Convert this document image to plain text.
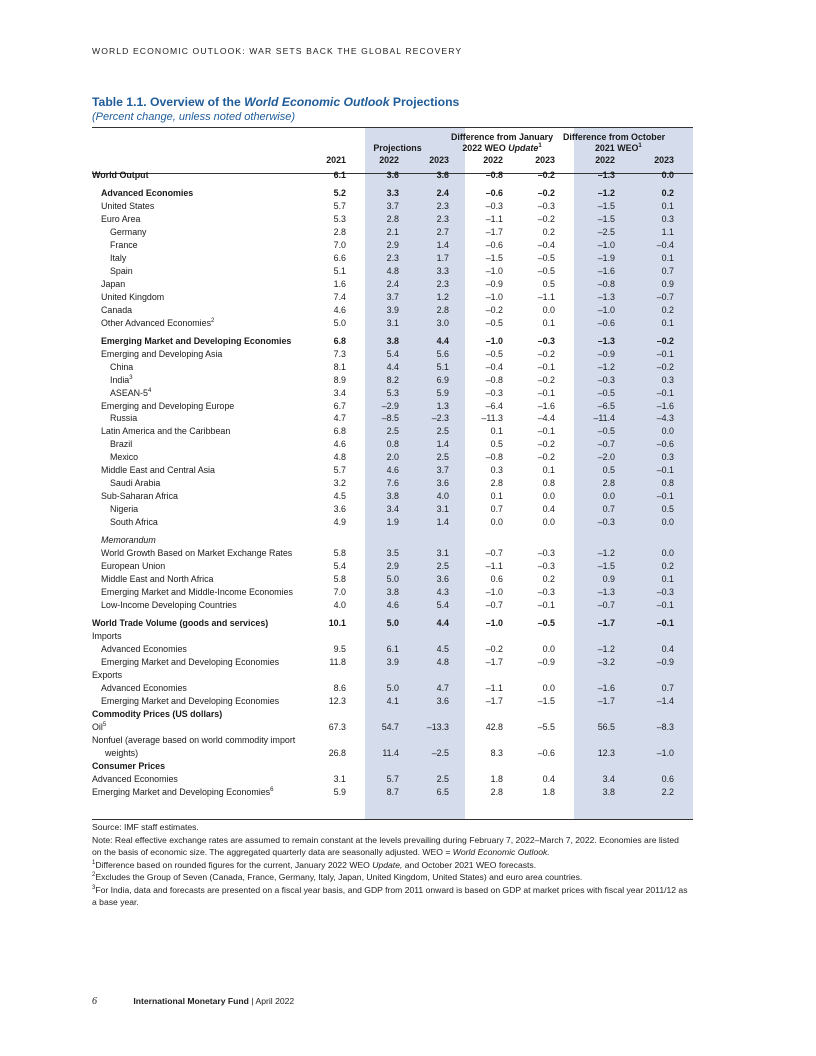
WORLD ECONOMIC OUTLOOK: WAR SETS BACK THE GLOBAL RECOVERY
Table 1.1. Overview of the World Economic Outlook Projections
(Percent change, unless noted otherwise)

				Difference from January		Difference from October		
		Projections		2022 WEO Update$^1$		2021 WEO$^1$
	2021	2022	2023	2022	2023	2022	2023	

World Output	6.1	3.6	3.6	–0.8	–0.2	–1.3	0.0	

Advanced Economies	5.2	3.3	2.4	–0.6	–0.2	–1.2	0.2	
United States	5.7	3.7	2.3	–0.3	–0.3	–1.5	0.1	
Euro Area	5.3	2.8	2.3	–1.1	–0.2	–1.5	0.3	
Germany	2.8	2.1	2.7	–1.7	0.2	–2.5	1.1	
France	7.0	2.9	1.4	–0.6	–0.4	–1.0	–0.4	
Italy	6.6	2.3	1.7	–1.5	–0.5	–1.9	0.1	
Spain	5.1	4.8	3.3	–1.0	–0.5	–1.6	0.7	
Japan	1.6	2.4	2.3	–0.9	0.5	–0.8	0.9	
United Kingdom	7.4	3.7	1.2	–1.0	–1.1	–1.3	–0.7	
Canada	4.6	3.9	2.8	–0.2	0.0	–1.0	0.2	
Other Advanced Economies$^2$	5.0	3.1	3.0	–0.5	0.1	–0.6	0.1	

Emerging Market and Developing Economies	6.8	3.8	4.4	–1.0	–0.3	–1.3	–0.2	
Emerging and Developing Asia	7.3	5.4	5.6	–0.5	–0.2	–0.9	–0.1	
China	8.1	4.4	5.1	–0.4	–0.1	–1.2	–0.2	
India$^3$	8.9	8.2	6.9	–0.8	–0.2	–0.3	0.3	
ASEAN-$5^4$	3.4	5.3	5.9	–0.3	–0.1	–0.5	–0.1	
Emerging and Developing Europe	6.7	–2.9	1.3	–6.4	–1.6	–6.5	–1.6	
Russia	4.7	–8.5	–2.3	–11.3	–4.4	–11.4	–4.3	
Latin America and the Caribbean	6.8	2.5	2.5	0.1	–0.1	–0.5	0.0	
Brazil	4.6	0.8	1.4	0.5	–0.2	–0.7	–0.6	
Mexico	4.8	2.0	2.5	–0.8	–0.2	–2.0	0.3	
Middle East and Central Asia	5.7	4.6	3.7	0.3	0.1	0.5	–0.1	
Saudi Arabia	3.2	7.6	3.6	2.8	0.8	2.8	0.8	
Sub-Saharan Africa	4.5	3.8	4.0	0.1	0.0	0.0	–0.1	
Nigeria	3.6	3.4	3.1	0.7	0.4	0.7	0.5	
South Africa	4.9	1.9	1.4	0.0	0.0	–0.3	0.0	

Memorandum								
World Growth Based on Market Exchange Rates	5.8	3.5	3.1	–0.7	–0.3	–1.2	0.0	
European Union	5.4	2.9	2.5	–1.1	–0.3	–1.5	0.2	
Middle East and North Africa	5.8	5.0	3.6	0.6	0.2	0.9	0.1	
Emerging Market and Middle-Income Economies	7.0	3.8	4.3	–1.0	–0.3	–1.3	–0.3	
Low-Income Developing Countries	4.0	4.6	5.4	–0.7	–0.1	–0.7	–0.1	

World Trade Volume (goods and services)	10.1	5.0	4.4	–1.0	–0.5	–1.7	–0.1	
Imports								
Advanced Economies	9.5	6.1	4.5	–0.2	0.0	–1.2	0.4	
Emerging Market and Developing Economies	11.8	3.9	4.8	–1.7	–0.9	–3.2	–0.9	
Exports								
Advanced Economies	8.6	5.0	4.7	–1.1	0.0	–1.6	0.7	
Emerging Market and Developing Economies	12.3	4.1	3.6	–1.7	–1.5	–1.7	–1.4	
Commodity Prices (US dollars)								
Oil$^5$	67.3	54.7	–13.3	42.8	–5.5	56.5	–8.3	
Nonfuel (average based on world commodity import								
weights)	26.8	11.4	–2.5	8.3	–0.6	12.3	–1.0	
Consumer Prices								
Advanced Economies	3.1	5.7	2.5	1.8	0.4	3.4	0.6	
Emerging Market and Developing Economies$^6$	5.9	8.7	6.5	2.8	1.8	3.8	2.2	

Source: IMF staff estimates.

Note: Real effective exchange rates are assumed to remain constant at the levels prevailing during February 7, 2022–March 7, 2022. Economies are listed on the basis of economic size. The aggregated quarterly data are seasonally adjusted. WEO = World Economic Outlook.

$^1$Difference based on rounded figures for the current, January 2022 WEO Update, and October 2021 WEO forecasts.

$^2$Excludes the Group of Seven (Canada, France, Germany, Italy, Japan, United Kingdom, United States) and euro area countries.

$^3$For India, data and forecasts are presented on a fiscal year basis, and GDP from 2011 onward is based on GDP at market prices with fiscal year 2011/12 as a base year.

6	International Monetary Fund | April 2022
